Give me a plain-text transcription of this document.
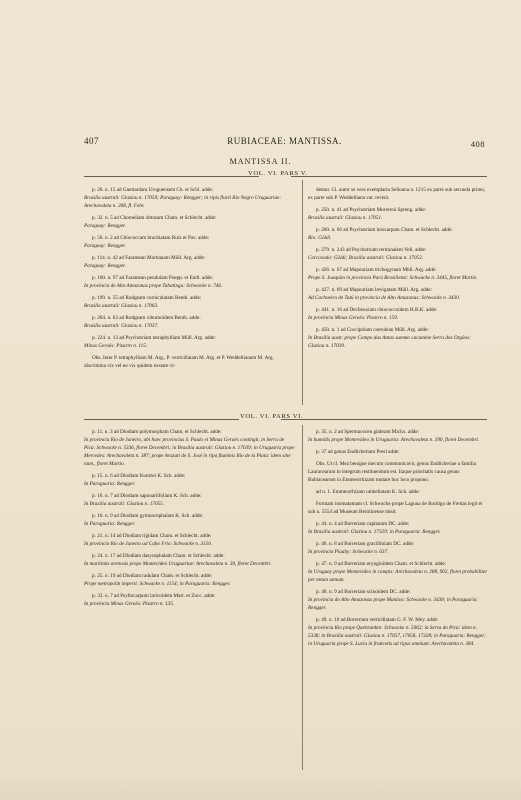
407	RUBIACEAE: MANTISSA.	408
MANTISSA II.
VOL. VI. PARS V.

p. 26. n. 15 ad Guettardam Uruguensem Ch. et Schl. adde:
Brasilia australi: Glaziou n. 17059; Paraguay: Rengger; in ripis fluvii Rio Negro Uruguariae: Arechavaleta n. 268, fl. Febr.

p. 32. n. 5 ad Chomeliam obtusam Cham. et Schlecht. adde:
Paraguay: Rengger.

p. 50. n. 2 ad Chiococcam brachiatam Ruiz et Pav. adde:
Paraguay: Rengger.

p. 114. n. 42 ad Faramean Martianam Müll. Arg. adde:
Paraguay: Rengger.

p. 160. n. 97 ad Faramean pendulam Poepp. et Endl. adde:
In provincia de Alto Amazonas prope Tabatinga: Schwacke n. 746.

p. 199. n. 55 ad Rudgeam corniculatam Benth. adde:
Brasilia australi: Glaziou n. 17063.

p. 204. n. 63 ad Rudgeam viburnoidem Benth. adde:
Brasilia australi: Glaziou n. 17037.

p. 224. n. 13 ad Psychotriam tetraphylliam Müll. Arg. adde:
Minas Geraës: Pizarro n. 115.

Obs. Inter P. tetraphylliam M. Arg., P. verticillatam M. Arg. et P. Weddellianam M. Arg. discrimina vix vel ne vix quidem exstare vi-

dentur. Cl. autor se vera exemplaria Selloana n. 1215 ex parte sub secunda primo, ex parte sub P. Weddelliana var. revisit.

p. 250. n. 41 ad Psychotriam Mororeni Spreng. adde:
Brasilia australi: Glaziou n. 17051.

p. 260. n. 66 ad Psychotriam leiocarpam Cham. et Schlecht. adde:
Rio: Göldi.

p. 279. n. 243 ad Psychotriam terminalem Vell. adde:
Corcovado: Göldi; Brasilia australi: Glaziou n. 17052.

p. 426. n. 67 ad Mapouriam trichogynam Müll. Arg. adde:
Prope S. Joaquim in provincia Pará Brasiliensi: Schwacke n. 3445, floret Martio.

p. 427. n. 69 ad Mapouriam lævigatam Müll. Arg. adde:
Ad Cachoeira de Tatú in provincia de Alto Amazonas: Schwacke n. 3430.

p. 441. n. 16 ad Declieuxiam chiococcoidem H.B.K. adde:
In provincia Minas Geraës: Pizarro n. 159.

p. 450. n. 1 ad Coccipolam coerulean Müll. Arg. adde:
In Brasilia austr. prope Campo das Antas summo cacumine Serra dos Orgãos: Glaziou n. 17039.

VOL. VI. PARS VI.

p. 11. n. 3 ad Diodiam polymorpham Cham. et Schlecht. adde:
In provincia Rio de Janeiro, ubi haec provincias S. Paulo et Minas Geraës contingit, in Serra de Picú: Schwacke n. 5336, floret Decembri; in Brasilia australi: Glaziou n. 17039; in Uruguaria prope Mercedes: Arechavaleta n. 387; prope Arazati de S. José in ripa fluminis Rio de la Plata: idem sine num., floret Martio.

p. 15. n. 6 ad Diodiam Kuntzei K. Sch. adde:
In Paraguaria: Rengger.

p. 16. n. 7 ad Diodiam saponariifoliam K. Sch. adde:
In Brasilia australi: Glaziou n. 17055.

p. 16. n. 9 ad Diodiam gymnocephalam K. Sch. adde:
In Paraguaria: Rengger.

p. 21. n. 14 ad Diodiam rigidam Cham. et Schlecht. adde:
In provincia Rio de Janeiro ad Cabo Frio: Schwacke n. 3150.

p. 24. n. 17 ad Diodiam dasycephalam Cham. et Schlecht. adde:
In maritimis arenosis prope Montevideo Uruguariae: Arechavaleta n. 30, floret Decembri.

p. 25. n. 19 ad Diodiam radulam Cham. et Schlecht. adde:
Prope metropolin imperii: Schwacke n. 1154; in Paraguaria: Rengger.

p. 33. n. 7 ad Psyllocarpum laricoidem Mart. et Zucc. adde:
In provincia Minas Geraës: Pizarro n. 135.

p. 35. n. 2 ad Spermacocen glabram Michx. adde:
In humidis prope Montevideo in Uruguaria: Arechavaleta n. 390, floret Decembri.

p. 37 ad genus Endlicheriam Presl adde:

Obs. Ut cl. Mez benigne mecum communicavit, genus Endlicheriae a familia Lauracearum in integrum restituendum est. Itaque prioritatis causa genus Rubiacearum in Emmeorrhizam mutare hoc loco propono.

ad n. 1. Emmeorrhizam umbellatam K. Sch. adde:

Formam inomatamam cl. Schwacke prope Laguna de Rodrigo de Freitas legit et sub n. 5554 ad Museum Berolinense misit.

p. 44. n. 4 ad Borreriam capitatam DC. adde:
In Brasilia australi: Glaziou n. 17329; in Paraguaria: Rengger.

p. 46. n. 8 ad Borreriam gracilliniam DC. adde:
In provincia Piauhy: Schwacke n. 637.

p. 47. n. 9 ad Borreriam eryngioidem Cham. et Schlecht. adde:
In Uruguay prope Montevideo in campis: Arechavaleta n. 288, 902, floret probabiliter per totum annum.

p. 48. n. 9 ad Borreriam scinoidem DC. adde:
In provincia do Alto Amazonas prope Manáos: Schwacke n. 3438; in Paraguaria: Rengger.

p. 49. n. 10 ad Borreriam verticillatam G. F. W. Mey. adde:
In provincia Rio prope Quebrankin: Schwacke n. 5062; in Serra do Picú: idem n. 5338; in Brasilia australi: Glaziou n. 17057, 17058, 17328; in Paraguaria: Rengger; in Uruguaria prope S. Lucia in fruticetis ad ripas amnium: Arechavaleta n. 384.
